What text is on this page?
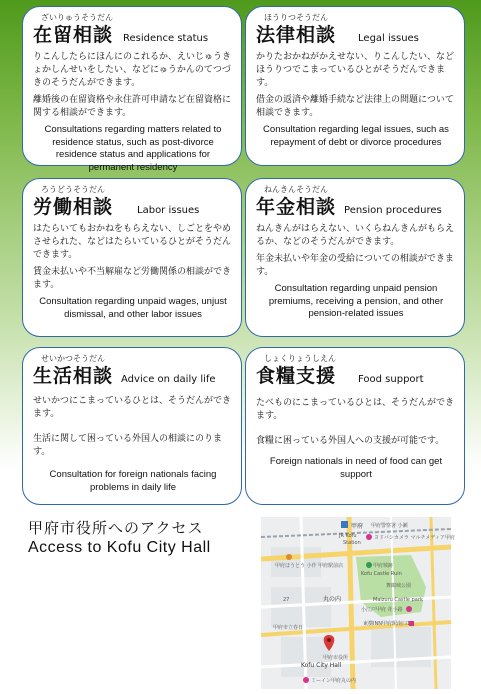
ざいりゅうそうだん
在留相談 Residence status
りこんしたらにほんにのこれるか、えいじゅうきょかしんせいをしたい、などにゅうかんのてつづきのそうだんができます。
離婚後の在留資格や永住許可申請など在留資格に関する相談ができます。
Consultations regarding matters related to residence status, such as post-divorce residence status and applications for permanent residency
ほうりつそうだん
法律相談 Legal issues
かりたおかねがかえせない、りこんしたい、などほうりつでこまっているひとがそうだんできます。
借金の返済や離婚手続など法律上の問題について相談できます。
Consultation regarding legal issues, such as repayment of debt or divorce procedures
ろうどうそうだん
労働相談 Labor issues
はたらいてもおかねをもらえない、しごとをやめさせられた、などはたらいているひとがそうだんできます。
賃金未払いや不当解雇など労働関係の相談ができます。
Consultation regarding unpaid wages, unjust dismissal, and other labor issues
ねんきんそうだん
年金相談 Pension procedures
ねんきんがはらえない、いくらねんきんがもらえるか、などのそうだんができます。
年金未払いや年金の受給についての相談ができます。
Consultation regarding unpaid pension premiums, receiving a pension, and other pension-related issues
せいかつそうだん
生活相談 Advice on daily life
せいかつにこまっているひとは、そうだんができます。
生活に関して困っている外国人の相談にのります。
Consultation for foreign nationals facing problems in daily life
しょくりょうしえん
食糧支援 Food support
たべものにこまっているひとは、そうだんができます。
食糧に困っている外国人への支援が可能です。
Foreign nationals in need of food can get support
甲府市役所へのアクセス
Access to Kofu City Hall
甲府
JR Kofu
Station
甲府警察署 小瀬
ヨドバシカメラ マルチメディア甲府
甲府ほうとう 小作 甲府駅前店	甲府城跡
Kofu Castle Ruin
舞鶴城公園
Maizuru Castle park
小江戸甲府 花小路
東横INN甲府駅南口1
丸の内
27
甲府市立春日
甲府市役所
Kofu City Hall
ミーイン甲府丸の内
